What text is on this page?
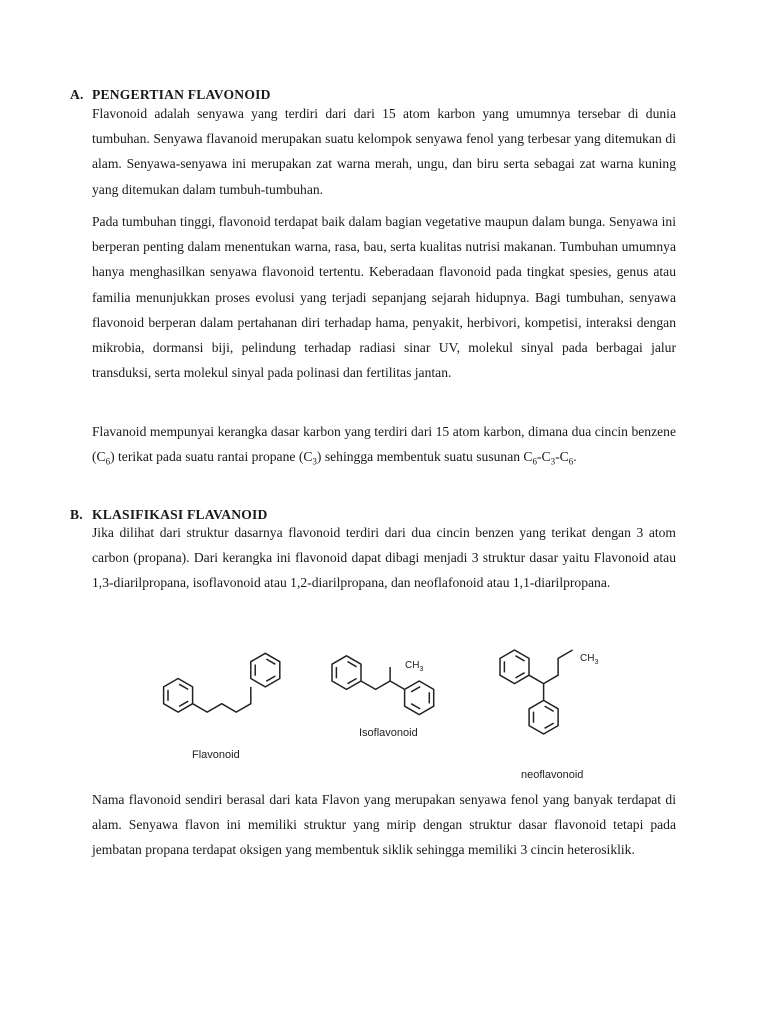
A. PENGERTIAN FLAVONOID

Flavonoid adalah senyawa yang terdiri dari dari 15 atom karbon yang umumnya tersebar di dunia tumbuhan. Senyawa flavanoid merupakan suatu kelompok senyawa fenol yang terbesar yang ditemukan di alam. Senyawa-senyawa ini merupakan zat warna merah, ungu, dan biru serta sebagai zat warna kuning yang ditemukan dalam tumbuh-tumbuhan.

Pada tumbuhan tinggi, flavonoid terdapat baik dalam bagian vegetative maupun dalam bunga. Senyawa ini berperan penting dalam menentukan warna, rasa, bau, serta kualitas nutrisi makanan. Tumbuhan umumnya hanya menghasilkan senyawa flavonoid tertentu. Keberadaan flavonoid pada tingkat spesies, genus atau familia menunjukkan proses evolusi yang terjadi sepanjang sejarah hidupnya. Bagi tumbuhan, senyawa flavonoid berperan dalam pertahanan diri terhadap hama, penyakit, herbivori, kompetisi, interaksi dengan mikrobia, dormansi biji, pelindung terhadap radiasi sinar UV, molekul sinyal pada berbagai jalur transduksi, serta molekul sinyal pada polinasi dan fertilitas jantan.

Flavanoid mempunyai kerangka dasar karbon yang terdiri dari 15 atom karbon, dimana dua cincin benzene $(C_6)$ terikat pada suatu rantai propane $(C_3)$ sehingga membentuk suatu susunan $C_6-C_3-C_6$.

B. KLASIFIKASI FLAVANOID

Jika dilihat dari struktur dasarnya flavonoid terdiri dari dua cincin benzen yang terikat dengan 3 atom carbon (propana). Dari kerangka ini flavonoid dapat dibagi menjadi 3 struktur dasar yaitu Flavonoid atau 1,3-diarilpropana, isoflavonoid atau 1,2-diarilpropana, dan neoflafonoid atau 1,1-diarilpropana.

Flavonoid
Isoflavonoid
neoflavonoid
$CH_3$
$CH_3$

Nama flavonoid sendiri berasal dari kata Flavon yang merupakan senyawa fenol yang banyak terdapat di alam. Senyawa flavon ini memiliki struktur yang mirip dengan struktur dasar flavonoid tetapi pada jembatan propana terdapat oksigen yang membentuk siklik sehingga memiliki 3 cincin heterosiklik.
